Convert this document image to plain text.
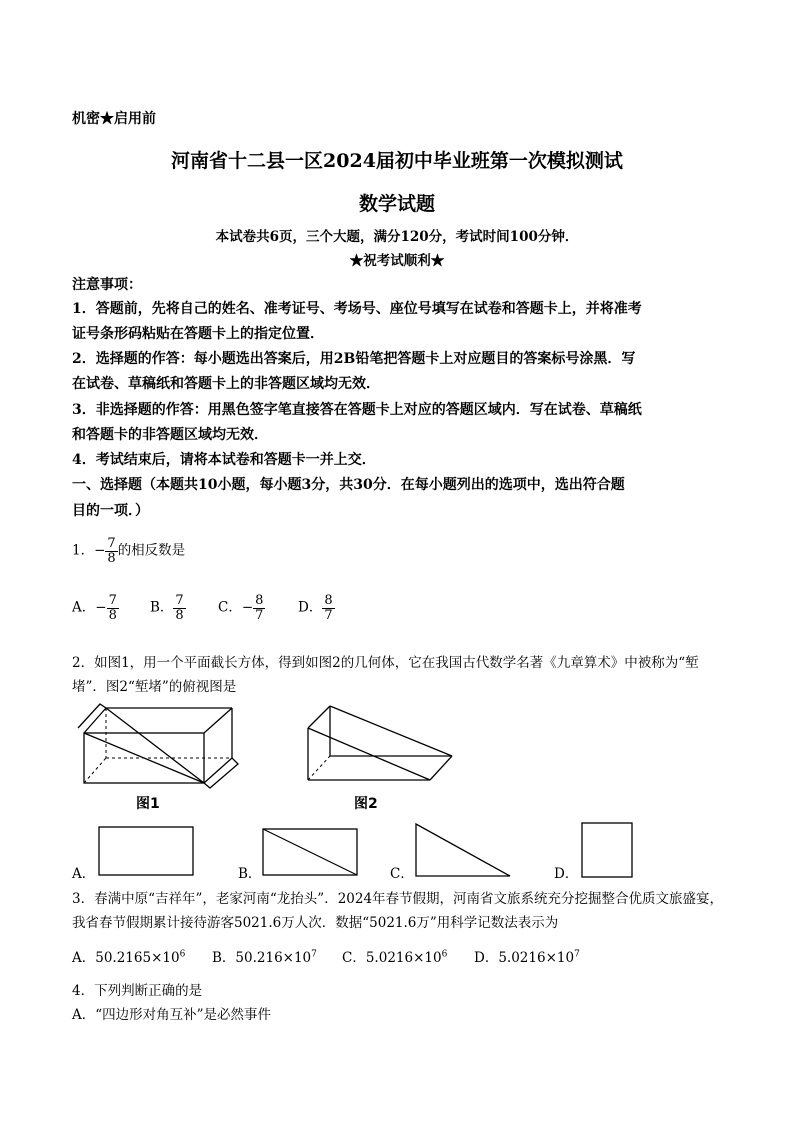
机密★启用前
河南省十二县一区2024届初中毕业班第一次模拟测试
数学试题
本试卷共6页，三个大题，满分120分，考试时间100分钟．
★祝考试顺利★
注意事项：
1．答题前，先将自己的姓名、准考证号、考场号、座位号填写在试卷和答题卡上，并将准考
证号条形码粘贴在答题卡上的指定位置．
2．选择题的作答：每小题选出答案后，用2B铅笔把答题卡上对应题目的答案标号涂黑．写
在试卷、草稿纸和答题卡上的非答题区域均无效．
3．非选择题的作答：用黑色签字笔直接答在答题卡上对应的答题区域内．写在试卷、草稿纸
和答题卡的非答题区域均无效．
4．考试结束后，请将本试卷和答题卡一并上交．
一、选择题（本题共10小题，每小题3分，共30分．在每小题列出的选项中，选出符合题
目的一项．）
1．− $\frac{7}{8}$ 的相反数是
A．− $\frac{7}{8}$ B． $\frac{7}{8}$ C．− $\frac{8}{7}$ D． $\frac{8}{7}$
2．如图1，用一个平面截长方体，得到如图2的几何体，它在我国古代数学名著《九章算术》中被称为“堑
堵”．图2“堑堵”的俯视图是
图1	图2
A．	B．	C．	D．
3．春满中原“吉祥年”，老家河南“龙抬头”．2024年春节假期，河南省文旅系统充分挖掘整合优质文旅盛宴，
我省春节假期累计接待游客5021.6万人次．数据“5021.6万”用科学记数法表示为
A．$50.2165\times 10^6$ B．$50.216\times 10^7$ C．$5.0216\times 10^6$ D．$5.0216\times 10^7$
4．下列判断正确的是
A．“四边形对角互补”是必然事件
